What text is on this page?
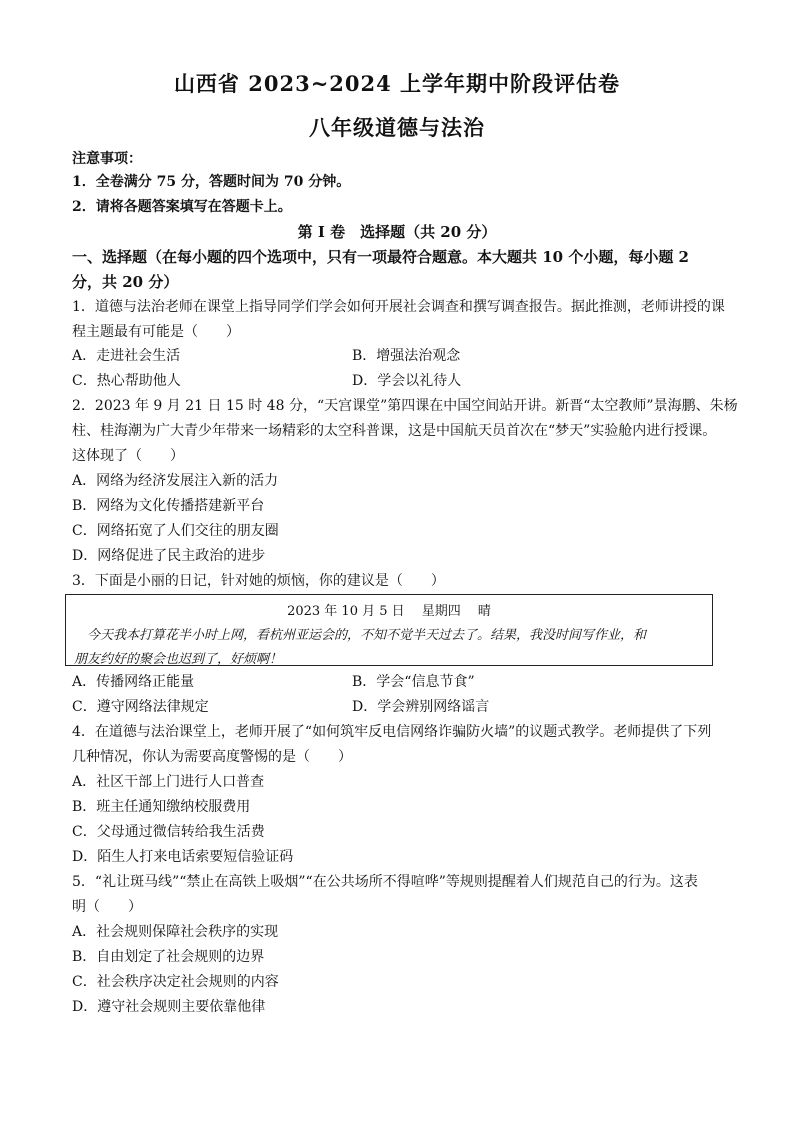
山西省 2023~2024 上学年期中阶段评估卷
八年级道德与法治
注意事项：
1．全卷满分 75 分，答题时间为 70 分钟。
2．请将各题答案填写在答题卡上。
第 I 卷　选择题（共 20 分）
一、选择题（在每小题的四个选项中，只有一项最符合题意。本大题共 10 个小题，每小题 2
分，共 20 分）
1．道德与法治老师在课堂上指导同学们学会如何开展社会调查和撰写调查报告。据此推测，老师讲授的课
程主题最有可能是（　　）
A．走进社会生活	B．增强法治观念
C．热心帮助他人	D．学会以礼待人
2．2023 年 9 月 21 日 15 时 48 分，“天宫课堂”第四课在中国空间站开讲。新晋“太空教师”景海鹏、朱杨
柱、桂海潮为广大青少年带来一场精彩的太空科普课，这是中国航天员首次在“梦天”实验舱内进行授课。
这体现了（　　）
A．网络为经济发展注入新的活力
B．网络为文化传播搭建新平台
C．网络拓宽了人们交往的朋友圈
D．网络促进了民主政治的进步
3．下面是小丽的日记，针对她的烦恼，你的建议是（　　）
2023 年 10 月 5 日　 星期四　 晴
　今天我本打算花半小时上网，看杭州亚运会的，不知不觉半天过去了。结果，我没时间写作业，和
朋友约好的聚会也迟到了，好烦啊！
A．传播网络正能量	B．学会“信息节食”
C．遵守网络法律规定	D．学会辨别网络谣言
4．在道德与法治课堂上，老师开展了“如何筑牢反电信网络诈骗防火墙”的议题式教学。老师提供了下列
几种情况，你认为需要高度警惕的是（　　）
A．社区干部上门进行人口普查
B．班主任通知缴纳校服费用
C．父母通过微信转给我生活费
D．陌生人打来电话索要短信验证码
5．“礼让斑马线”“禁止在高铁上吸烟”“在公共场所不得喧哗”等规则提醒着人们规范自己的行为。这表
明（　　）
A．社会规则保障社会秩序的实现
B．自由划定了社会规则的边界
C．社会秩序决定社会规则的内容
D．遵守社会规则主要依靠他律
